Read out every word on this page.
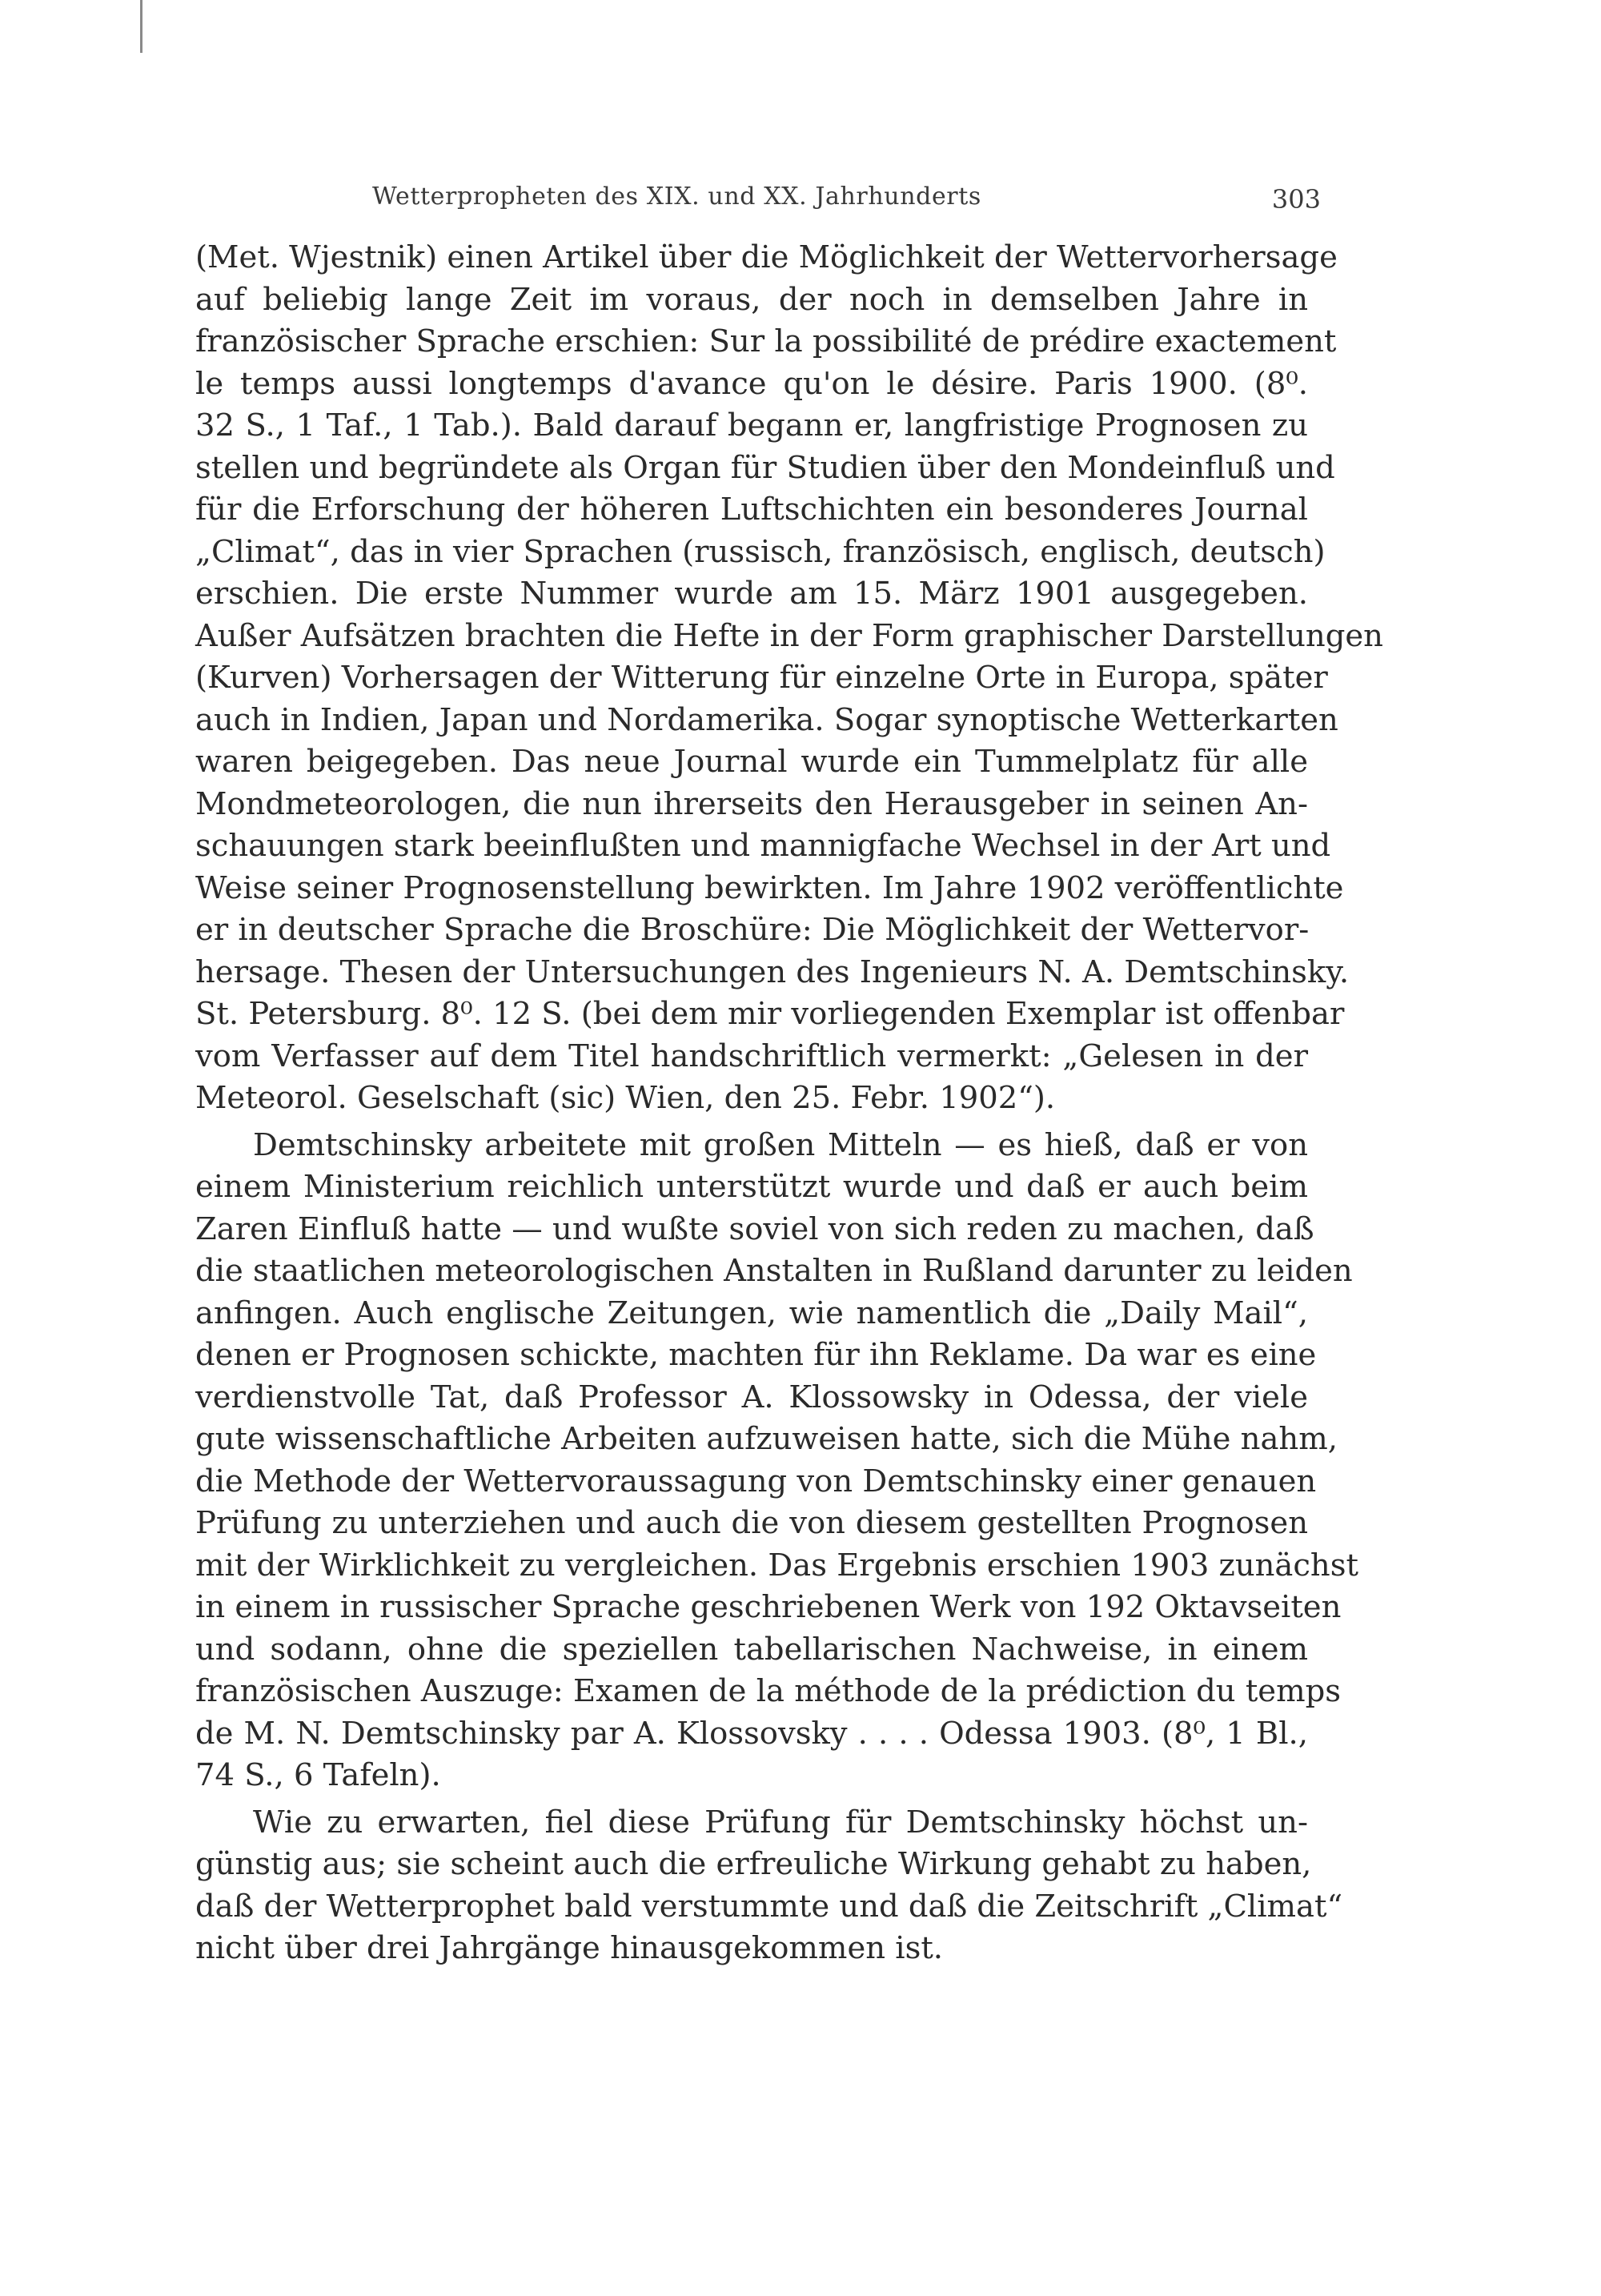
Wetterpropheten des XIX. und XX. Jahrhunderts	303
(Met. Wjestnik) einen Artikel über die Möglichkeit der Wettervorhersage
auf beliebig lange Zeit im voraus, der noch in demselben Jahre in
französischer Sprache erschien: Sur la possibilité de prédire exactement
le temps aussi longtemps d'avance qu'on le désire. Paris 1900. (8⁰.
32 S., 1 Taf., 1 Tab.). Bald darauf begann er, langfristige Prognosen zu
stellen und begründete als Organ für Studien über den Mondeinfluß und
für die Erforschung der höheren Luftschichten ein besonderes Journal
„Climat“, das in vier Sprachen (russisch, französisch, englisch, deutsch)
erschien. Die erste Nummer wurde am 15. März 1901 ausgegeben.
Außer Aufsätzen brachten die Hefte in der Form graphischer Darstellungen
(Kurven) Vorhersagen der Witterung für einzelne Orte in Europa, später
auch in Indien, Japan und Nordamerika. Sogar synoptische Wetterkarten
waren beigegeben. Das neue Journal wurde ein Tummelplatz für alle
Mondmeteorologen, die nun ihrerseits den Herausgeber in seinen An-
schauungen stark beeinflußten und mannigfache Wechsel in der Art und
Weise seiner Prognosenstellung bewirkten. Im Jahre 1902 veröffentlichte
er in deutscher Sprache die Broschüre: Die Möglichkeit der Wettervor-
hersage. Thesen der Untersuchungen des Ingenieurs N. A. Demtschinsky.
St. Petersburg. 8⁰. 12 S. (bei dem mir vorliegenden Exemplar ist offenbar
vom Verfasser auf dem Titel handschriftlich vermerkt: „Gelesen in der
Meteorol. Geselschaft (sic) Wien, den 25. Febr. 1902“).
Demtschinsky arbeitete mit großen Mitteln — es hieß, daß er von
einem Ministerium reichlich unterstützt wurde und daß er auch beim
Zaren Einfluß hatte — und wußte soviel von sich reden zu machen, daß
die staatlichen meteorologischen Anstalten in Rußland darunter zu leiden
anfingen. Auch englische Zeitungen, wie namentlich die „Daily Mail“,
denen er Prognosen schickte, machten für ihn Reklame. Da war es eine
verdienstvolle Tat, daß Professor A. Klossowsky in Odessa, der viele
gute wissenschaftliche Arbeiten aufzuweisen hatte, sich die Mühe nahm,
die Methode der Wettervoraussagung von Demtschinsky einer genauen
Prüfung zu unterziehen und auch die von diesem gestellten Prognosen
mit der Wirklichkeit zu vergleichen. Das Ergebnis erschien 1903 zunächst
in einem in russischer Sprache geschriebenen Werk von 192 Oktavseiten
und sodann, ohne die speziellen tabellarischen Nachweise, in einem
französischen Auszuge: Examen de la méthode de la prédiction du temps
de M. N. Demtschinsky par A. Klossovsky . . . . Odessa 1903. (8⁰, 1 Bl.,
74 S., 6 Tafeln).
Wie zu erwarten, fiel diese Prüfung für Demtschinsky höchst un-
günstig aus; sie scheint auch die erfreuliche Wirkung gehabt zu haben,
daß der Wetterprophet bald verstummte und daß die Zeitschrift „Climat“
nicht über drei Jahrgänge hinausgekommen ist.
